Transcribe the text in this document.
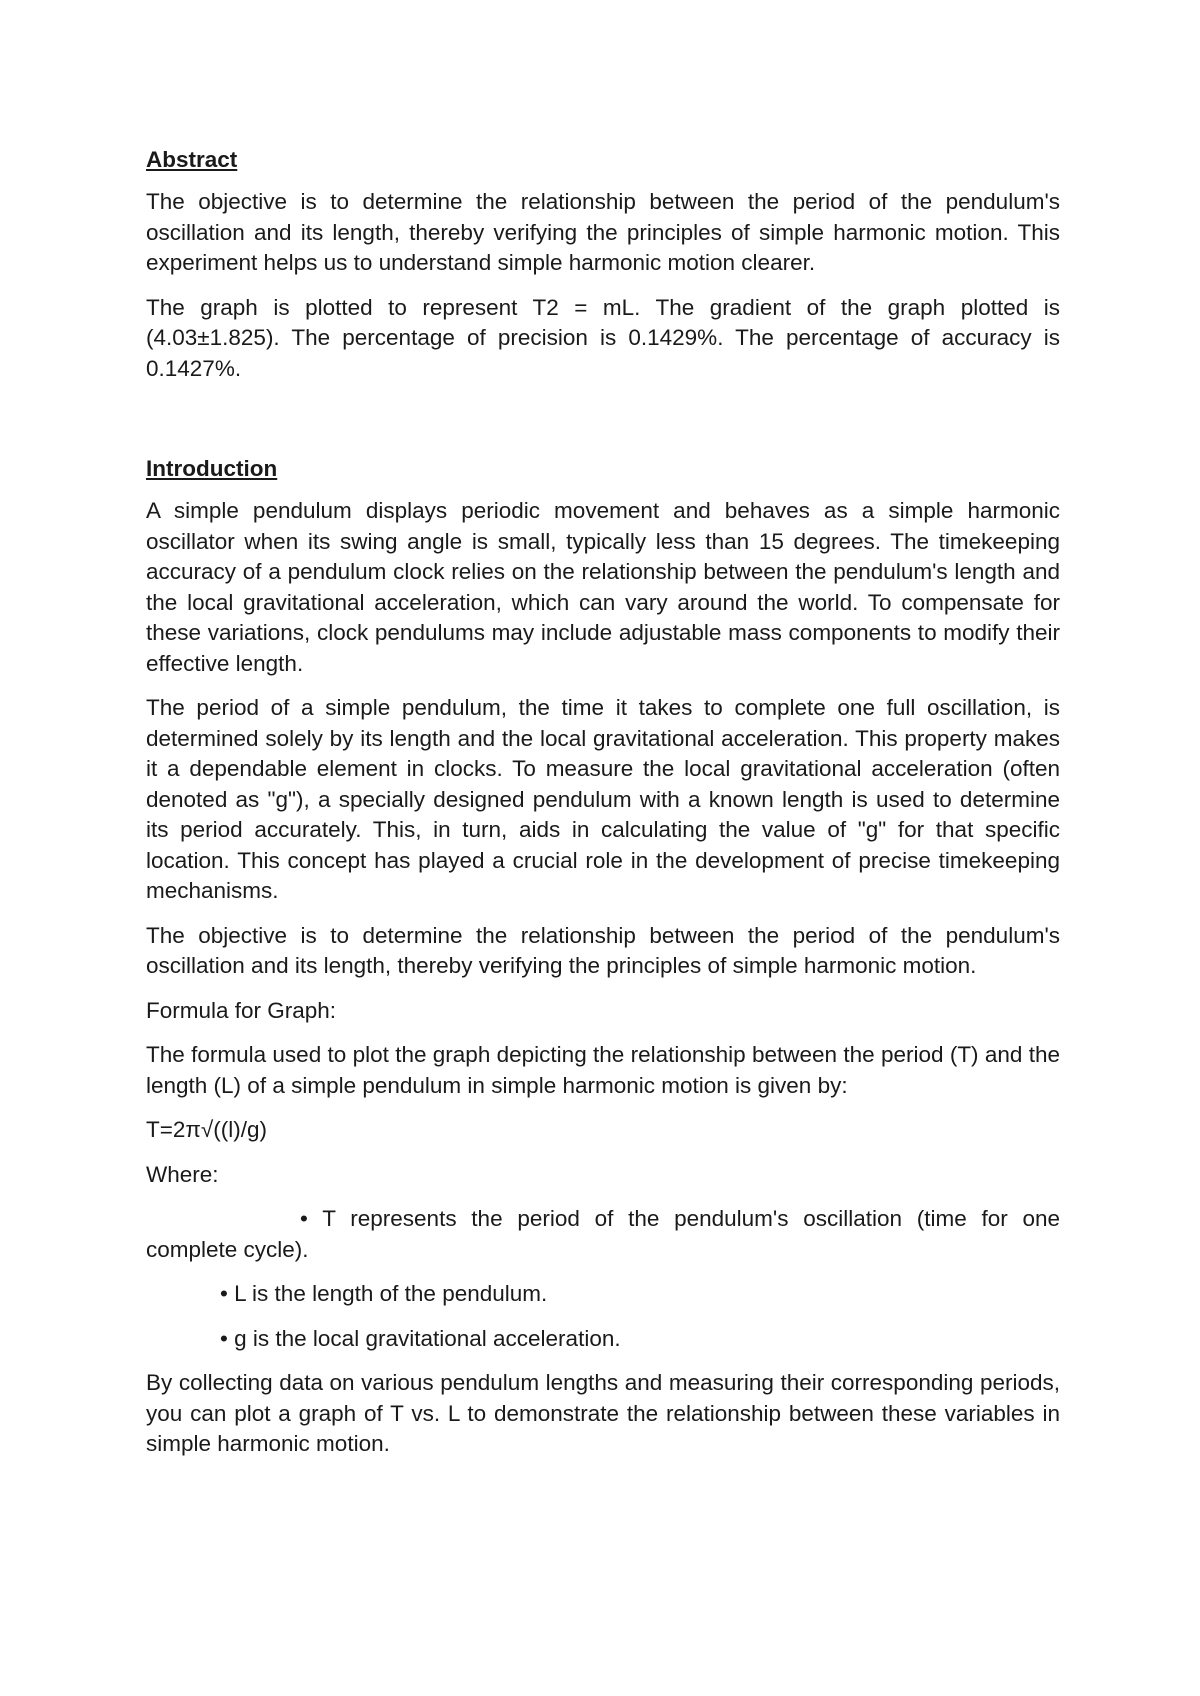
Abstract

The objective is to determine the relationship between the period of the pendulum's oscillation and its length, thereby verifying the principles of simple harmonic motion. This experiment helps us to understand simple harmonic motion clearer.

The graph is plotted to represent T2 = mL. The gradient of the graph plotted is (4.03±1.825). The percentage of precision is 0.1429%. The percentage of accuracy is 0.1427%.

Introduction

A simple pendulum displays periodic movement and behaves as a simple harmonic oscillator when its swing angle is small, typically less than 15 degrees. The timekeeping accuracy of a pendulum clock relies on the relationship between the pendulum's length and the local gravitational acceleration, which can vary around the world. To compensate for these variations, clock pendulums may include adjustable mass components to modify their effective length.

The period of a simple pendulum, the time it takes to complete one full oscillation, is determined solely by its length and the local gravitational acceleration. This property makes it a dependable element in clocks. To measure the local gravitational acceleration (often denoted as "g"), a specially designed pendulum with a known length is used to determine its period accurately. This, in turn, aids in calculating the value of "g" for that specific location. This concept has played a crucial role in the development of precise timekeeping mechanisms.

The objective is to determine the relationship between the period of the pendulum's oscillation and its length, thereby verifying the principles of simple harmonic motion.

Formula for Graph:

The formula used to plot the graph depicting the relationship between the period (T) and the length (L) of a simple pendulum in simple harmonic motion is given by:

T=2π√((l)/g)

Where:

• T represents the period of the pendulum's oscillation (time for one complete cycle).

• L is the length of the pendulum.

• g is the local gravitational acceleration.

By collecting data on various pendulum lengths and measuring their corresponding periods, you can plot a graph of T vs. L to demonstrate the relationship between these variables in simple harmonic motion.
